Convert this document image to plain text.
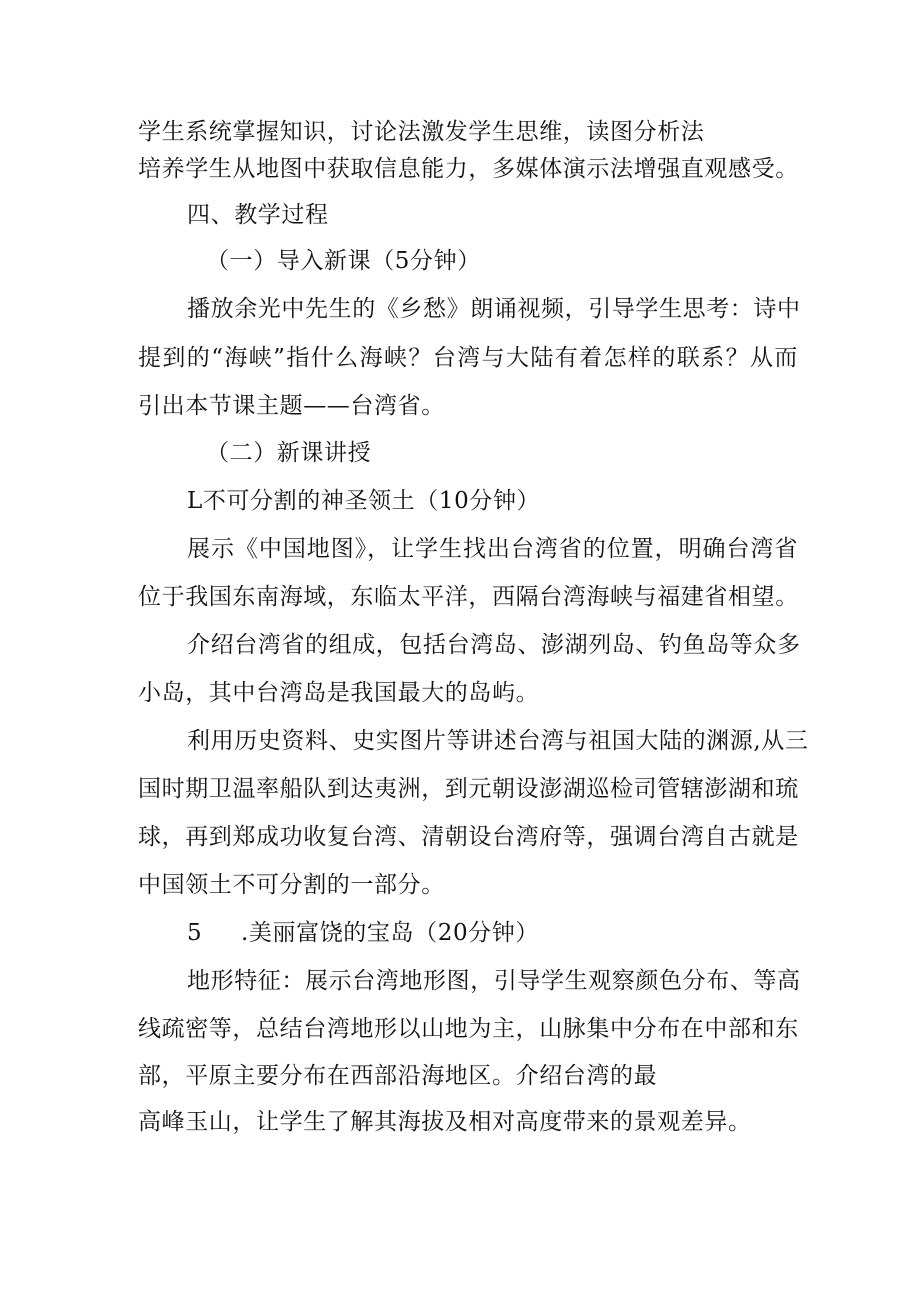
学生系统掌握知识，讨论法激发学生思维，读图分析法
培养学生从地图中获取信息能力，多媒体演示法增强直观感受。
四、教学过程
（一）导入新课（5分钟）
播放余光中先生的《乡愁》朗诵视频，引导学生思考：诗中
提到的“海峡”指什么海峡？台湾与大陆有着怎样的联系？从而
引出本节课主题——台湾省。
（二）新课讲授
L不可分割的神圣领土（10分钟）
展示《中国地图》，让学生找出台湾省的位置，明确台湾省
位于我国东南海域，东临太平洋，西隔台湾海峡与福建省相望。
介绍台湾省的组成，包括台湾岛、澎湖列岛、钓鱼岛等众多
小岛，其中台湾岛是我国最大的岛屿。
利用历史资料、史实图片等讲述台湾与祖国大陆的渊源,从三
国时期卫温率船队到达夷洲，到元朝设澎湖巡检司管辖澎湖和琉
球，再到郑成功收复台湾、清朝设台湾府等，强调台湾自古就是
中国领土不可分割的一部分。
5 .美丽富饶的宝岛（20分钟）
地形特征：展示台湾地形图，引导学生观察颜色分布、等高
线疏密等，总结台湾地形以山地为主，山脉集中分布在中部和东
部，平原主要分布在西部沿海地区。介绍台湾的最
高峰玉山，让学生了解其海拔及相对高度带来的景观差异。
